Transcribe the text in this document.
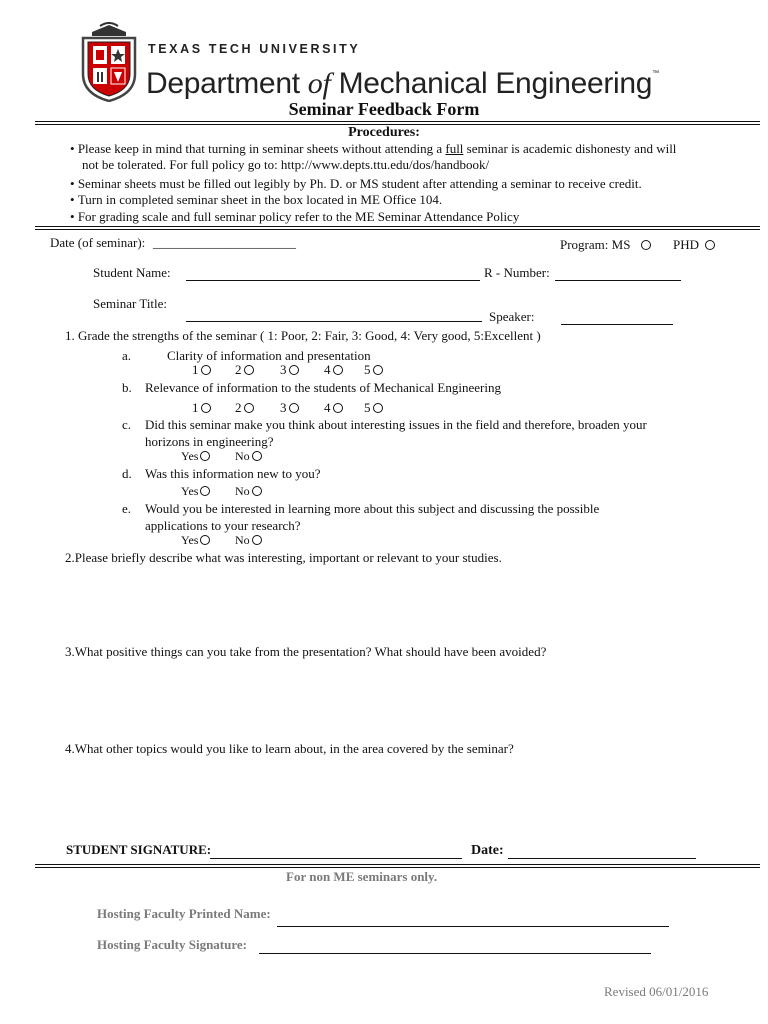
TEXAS TECH UNIVERSITY
Department of Mechanical Engineering™
Seminar Feedback Form
Procedures:
• Please keep in mind that turning in seminar sheets without attending a full seminar is academic dishonesty and will
not be tolerated. For full policy go to: http://www.depts.ttu.edu/dos/handbook/
• Seminar sheets must be filled out legibly by Ph. D. or MS student after attending a seminar to receive credit.
• Turn in completed seminar sheet in the box located in ME Office 104.
• For grading scale and full seminar policy refer to the ME Seminar Attendance Policy
Date (of seminar): ______________________	Program: MS	PHD
Student Name:	R - Number:
Seminar Title:
Speaker:
1. Grade the strengths of the seminar ( 1: Poor, 2: Fair, 3: Good, 4: Very good, 5:Excellent )
a.	Clarity of information and presentation
1	2	3	4	5
b. Relevance of information to the students of Mechanical Engineering
1	2	3	4	5
c. Did this seminar make you think about interesting issues in the field and therefore, broaden your
horizons in engineering?
Yes	No
d. Was this information new to you?
Yes	No
e. Would you be interested in learning more about this subject and discussing the possible
applications to your research?
Yes	No
2.Please briefly describe what was interesting, important or relevant to your studies.
3.What positive things can you take from the presentation? What should have been avoided?
4.What other topics would you like to learn about, in the area covered by the seminar?
STUDENT SIGNATURE:	Date:
For non ME seminars only.
Hosting Faculty Printed Name:
Hosting Faculty Signature:
Revised 06/01/2016
